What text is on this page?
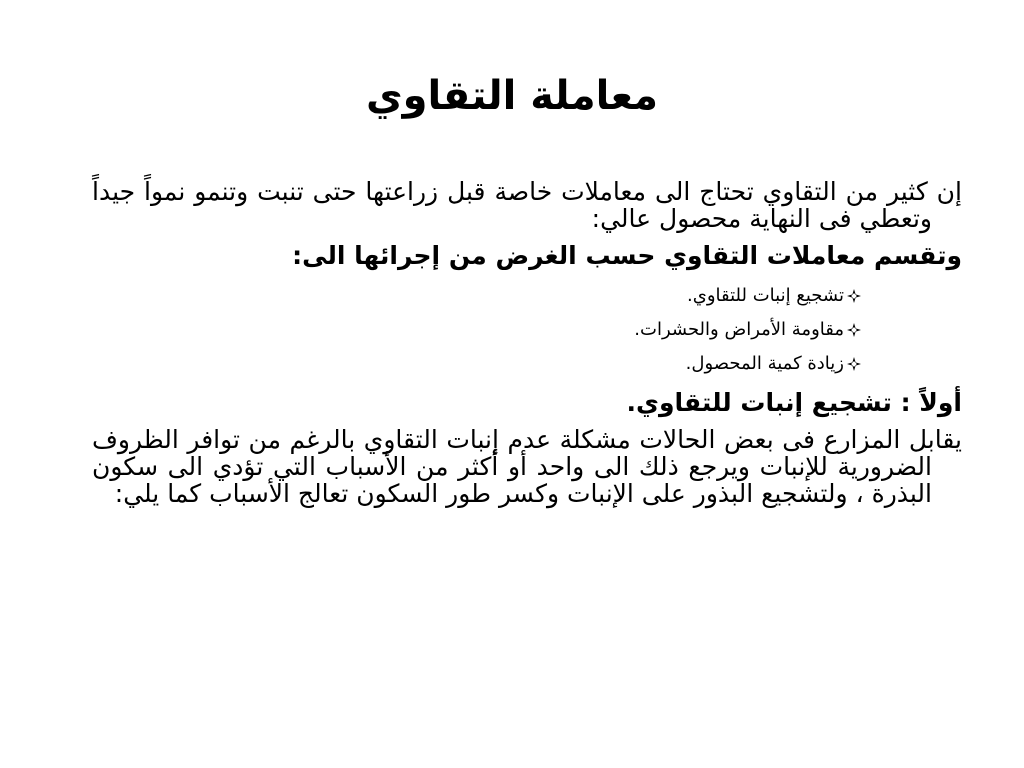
معاملة التقاوي

إن كثير من التقاوي تحتاج الى معاملات خاصة قبل زراعتها حتى تنبت وتنمو نمواً جيداً وتعطي فى النهاية محصول عالي:

وتقسم معاملات التقاوي حسب الغرض من إجرائها الى:

تشجيع إنبات للتقاوي.
مقاومة الأمراض والحشرات.
زيادة كمية المحصول.

أولاً : تشجيع إنبات للتقاوي.

يقابل المزارع فى بعض الحالات مشكلة عدم إنبات التقاوي بالرغم من توافر الظروف الضرورية للإنبات ويرجع ذلك الى واحد أو أكثر من الأسباب التي تؤدي الى سكون البذرة ، ولتشجيع البذور على الإنبات وكسر طور السكون تعالج الأسباب كما يلي:
